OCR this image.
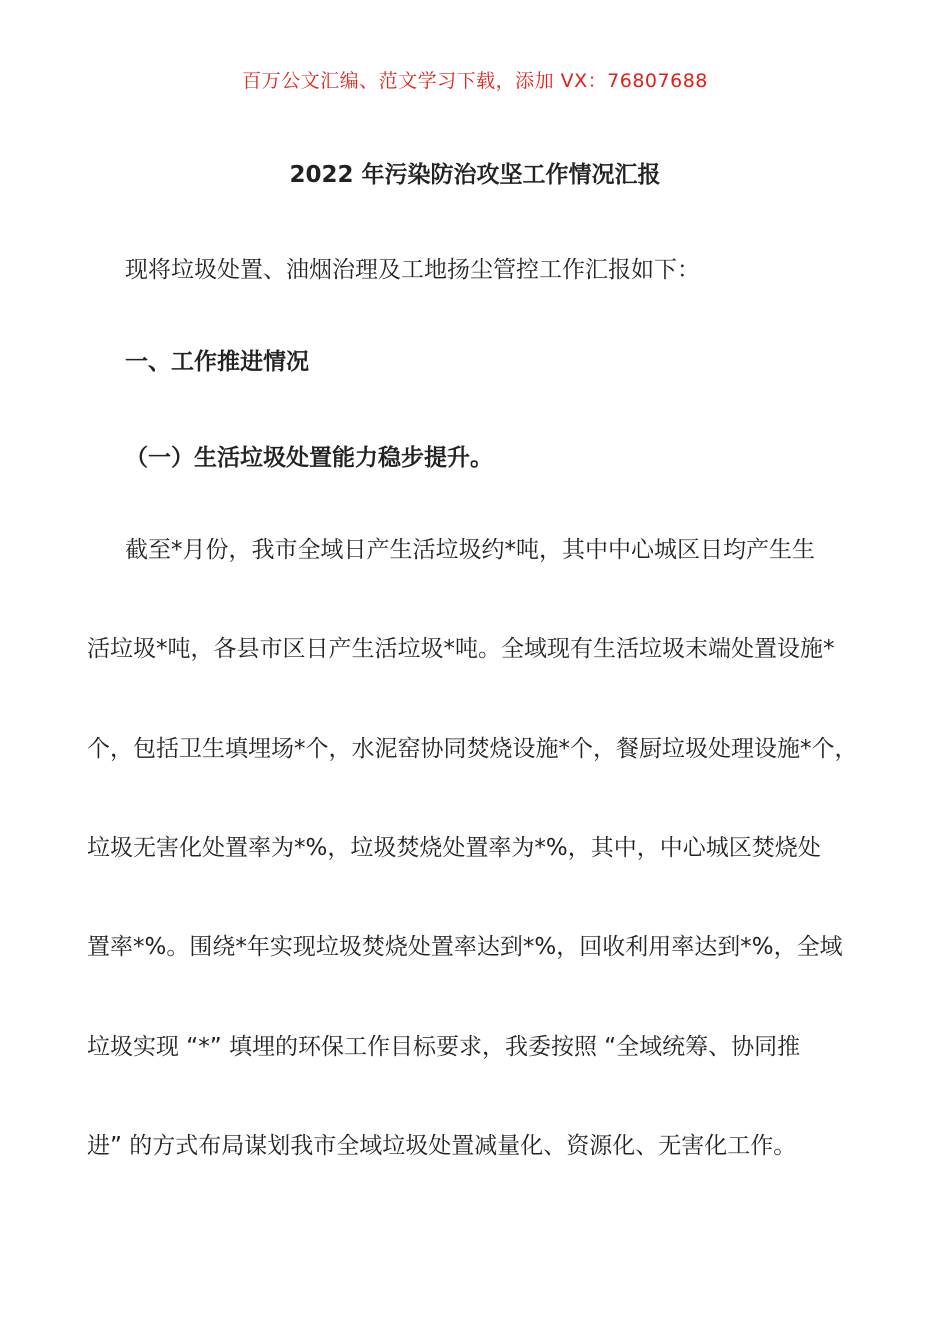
百万公文汇编、范文学习下载，添加 VX：76807688
2022 年污染防治攻坚工作情况汇报
现将垃圾处置、油烟治理及工地扬尘管控工作汇报如下：
一、工作推进情况
（一）生活垃圾处置能力稳步提升。
截至*月份，我市全域日产生活垃圾约*吨，其中中心城区日均产生生
活垃圾*吨，各县市区日产生活垃圾*吨。全域现有生活垃圾末端处置设施*
个，包括卫生填埋场*个，水泥窑协同焚烧设施*个，餐厨垃圾处理设施*个，
垃圾无害化处置率为*%，垃圾焚烧处置率为*%，其中，中心城区焚烧处
置率*%。围绕*年实现垃圾焚烧处置率达到*%，回收利用率达到*%，全域
垃圾实现 “*” 填埋的环保工作目标要求，我委按照 “全域统筹、协同推
进” 的方式布局谋划我市全域垃圾处置减量化、资源化、无害化工作。
